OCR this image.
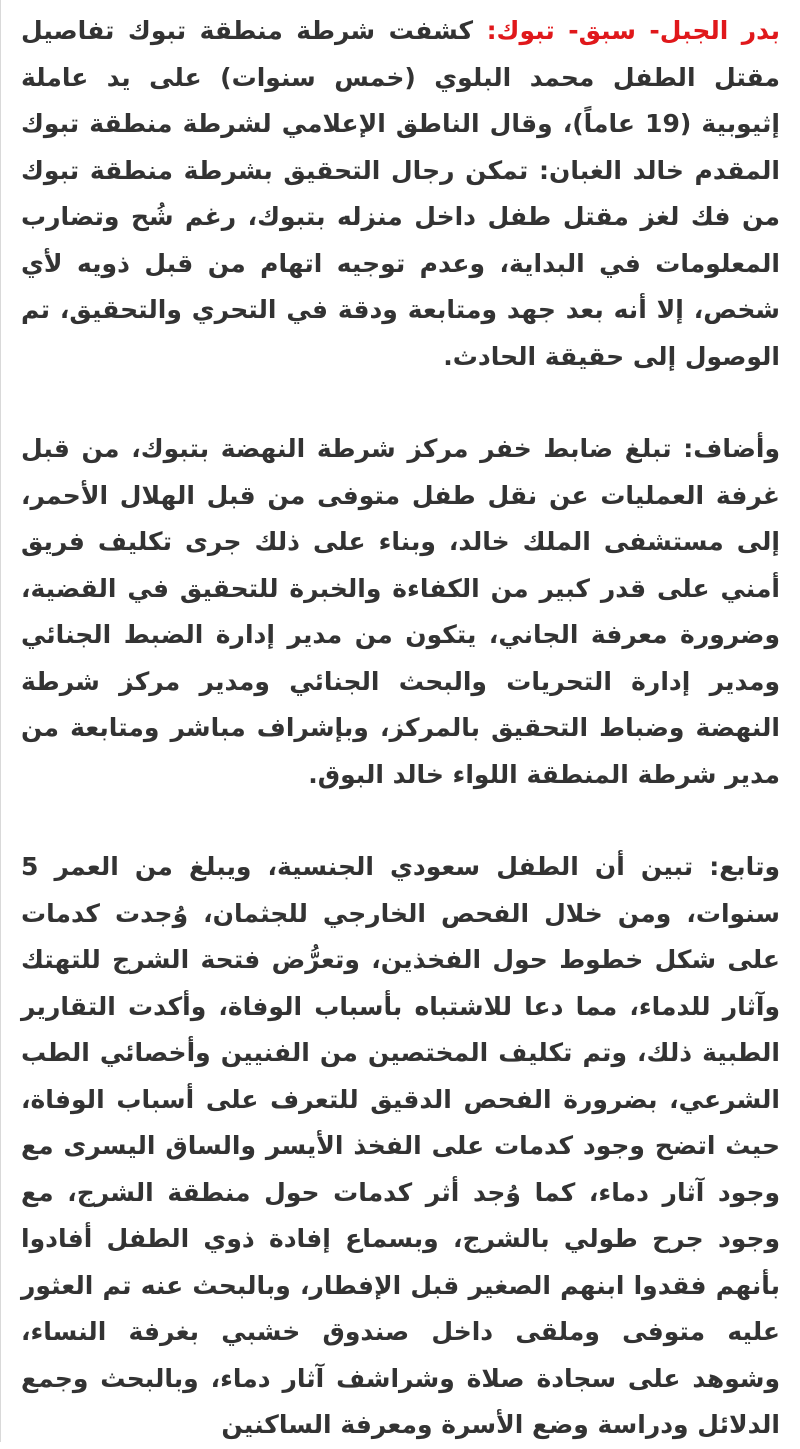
بدر الجبل- سبق- تبوك: كشفت شرطة منطقة تبوك تفاصيل مقتل الطفل محمد البلوي (خمس سنوات) على يد عاملة إثيوبية (19 عاماً)، وقال الناطق الإعلامي لشرطة منطقة تبوك المقدم خالد الغبان: تمكن رجال التحقيق بشرطة منطقة تبوك من فك لغز مقتل طفل داخل منزله بتبوك، رغم شُح وتضارب المعلومات في البداية، وعدم توجيه اتهام من قبل ذويه لأي شخص، إلا أنه بعد جهد ومتابعة ودقة في التحري والتحقيق، تم الوصول إلى حقيقة الحادث.

وأضاف: تبلغ ضابط خفر مركز شرطة النهضة بتبوك، من قبل غرفة العمليات عن نقل طفل متوفى من قبل الهلال الأحمر، إلى مستشفى الملك خالد، وبناء على ذلك جرى تكليف فريق أمني على قدر كبير من الكفاءة والخبرة للتحقيق في القضية، وضرورة معرفة الجاني، يتكون من مدير إدارة الضبط الجنائي ومدير إدارة التحريات والبحث الجنائي ومدير مركز شرطة النهضة وضباط التحقيق بالمركز، وبإشراف مباشر ومتابعة من مدير شرطة المنطقة اللواء خالد البوق.

وتابع: تبين أن الطفل سعودي الجنسية، ويبلغ من العمر 5 سنوات، ومن خلال الفحص الخارجي للجثمان، وُجدت كدمات على شكل خطوط حول الفخذين، وتعرُّض فتحة الشرج للتهتك وآثار للدماء، مما دعا للاشتباه بأسباب الوفاة، وأكدت التقارير الطبية ذلك، وتم تكليف المختصين من الفنيين وأخصائي الطب الشرعي، بضرورة الفحص الدقيق للتعرف على أسباب الوفاة، حيث اتضح وجود كدمات على الفخذ الأيسر والساق اليسرى مع وجود آثار دماء، كما وُجد أثر كدمات حول منطقة الشرج، مع وجود جرح طولي بالشرج، وبسماع إفادة ذوي الطفل أفادوا بأنهم فقدوا ابنهم الصغير قبل الإفطار، وبالبحث عنه تم العثور عليه متوفى وملقى داخل صندوق خشبي بغرفة النساء، وشوهد على سجادة صلاة وشراشف آثار دماء، وبالبحث وجمع الدلائل ودراسة وضع الأسرة ومعرفة الساكنين
